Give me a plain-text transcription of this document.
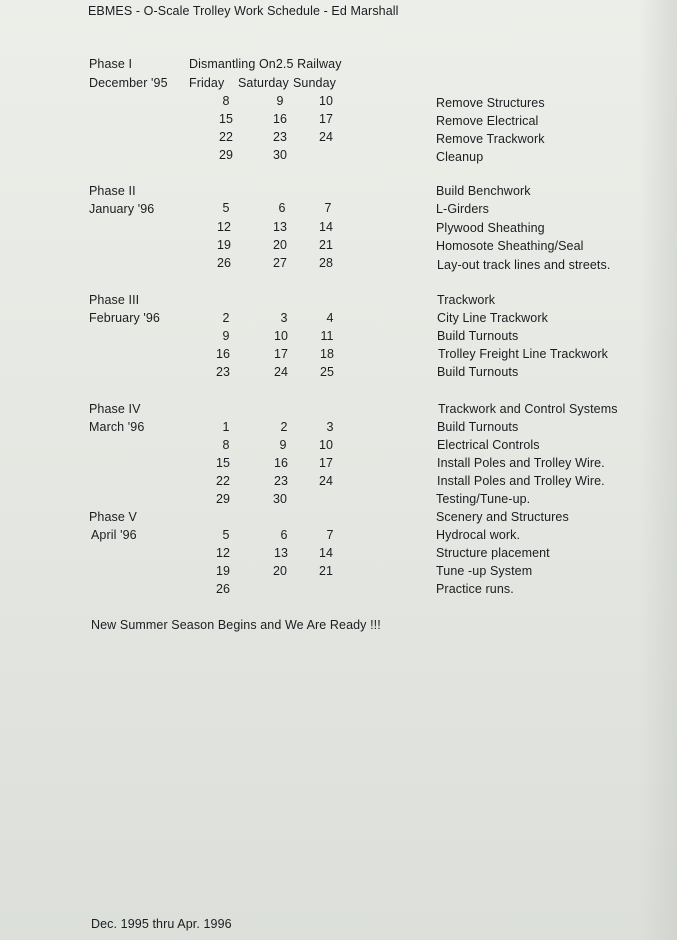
EBMES - O-Scale Trolley Work Schedule - Ed Marshall
Phase I	Dismantling On2.5 Railway
December '95 Friday Saturday Sunday
8	9	10	Remove Structures
15	16	17	Remove Electrical
22	23	24	Remove Trackwork
29	30	Cleanup
Phase II	Build Benchwork
January '96	5	6	7	L-Girders
12	13	14	Plywood Sheathing
19	20	21	Homosote Sheathing/Seal
26	27	28	Lay-out track lines and streets.
Phase III	Trackwork
February '96	2	3	4	City Line Trackwork
9	10	11	Build Turnouts
16	17	18	Trolley Freight Line Trackwork
23	24	25	Build Turnouts
Phase IV	Trackwork and Control Systems
March '96	1	2	3	Build Turnouts
8	9	10	Electrical Controls
15	16	17	Install Poles and Trolley Wire.
22	23	24	Install Poles and Trolley Wire.
29	30	Testing/Tune-up.
Phase V	Scenery and Structures
April '96	5	6	7	Hydrocal work.
12	13	14	Structure placement
19	20	21	Tune -up System
26	Practice runs.
New Summer Season Begins and We Are Ready !!!
Dec. 1995 thru Apr. 1996
